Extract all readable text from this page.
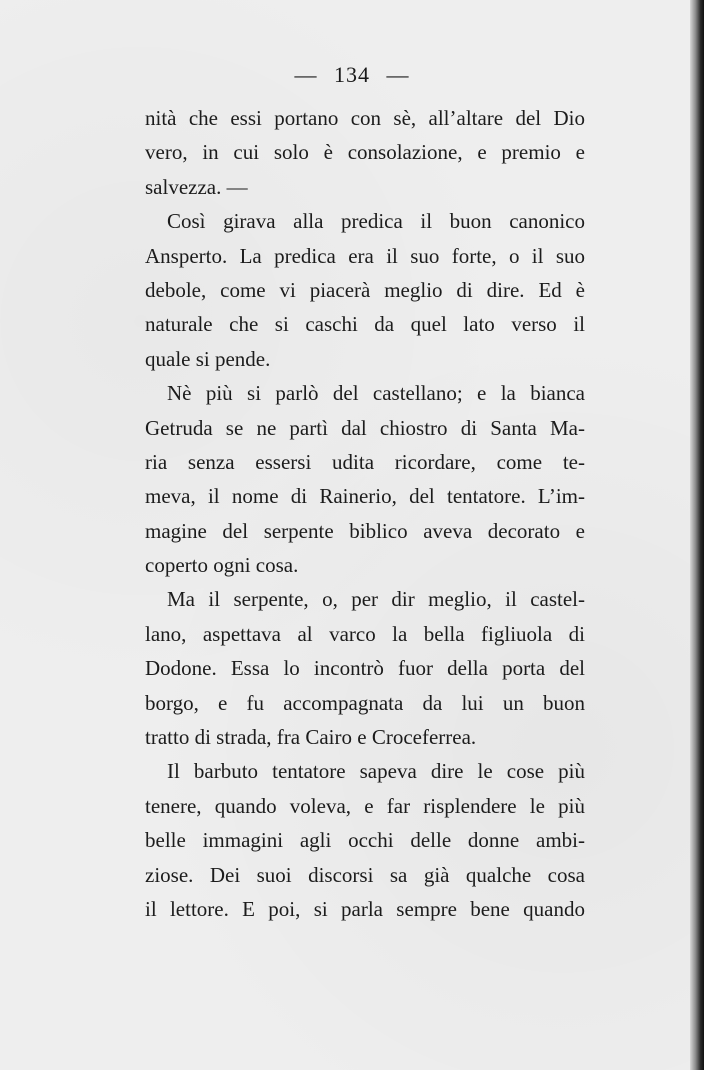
— 134 —
nità che essi portano con sè, all’altare del Dio
vero, in cui solo è consolazione, e premio e
salvezza. —
Così girava alla predica il buon canonico
Ansperto. La predica era il suo forte, o il suo
debole, come vi piacerà meglio di dire. Ed è
naturale che si caschi da quel lato verso il
quale si pende.
Nè più si parlò del castellano; e la bianca
Getruda se ne partì dal chiostro di Santa Ma-
ria senza essersi udita ricordare, come te-
meva, il nome di Rainerio, del tentatore. L’im-
magine del serpente biblico aveva decorato e
coperto ogni cosa.
Ma il serpente, o, per dir meglio, il castel-
lano, aspettava al varco la bella figliuola di
Dodone. Essa lo incontrò fuor della porta del
borgo, e fu accompagnata da lui un buon
tratto di strada, fra Cairo e Croceferrea.
Il barbuto tentatore sapeva dire le cose più
tenere, quando voleva, e far risplendere le più
belle immagini agli occhi delle donne ambi-
ziose. Dei suoi discorsi sa già qualche cosa
il lettore. E poi, si parla sempre bene quando
